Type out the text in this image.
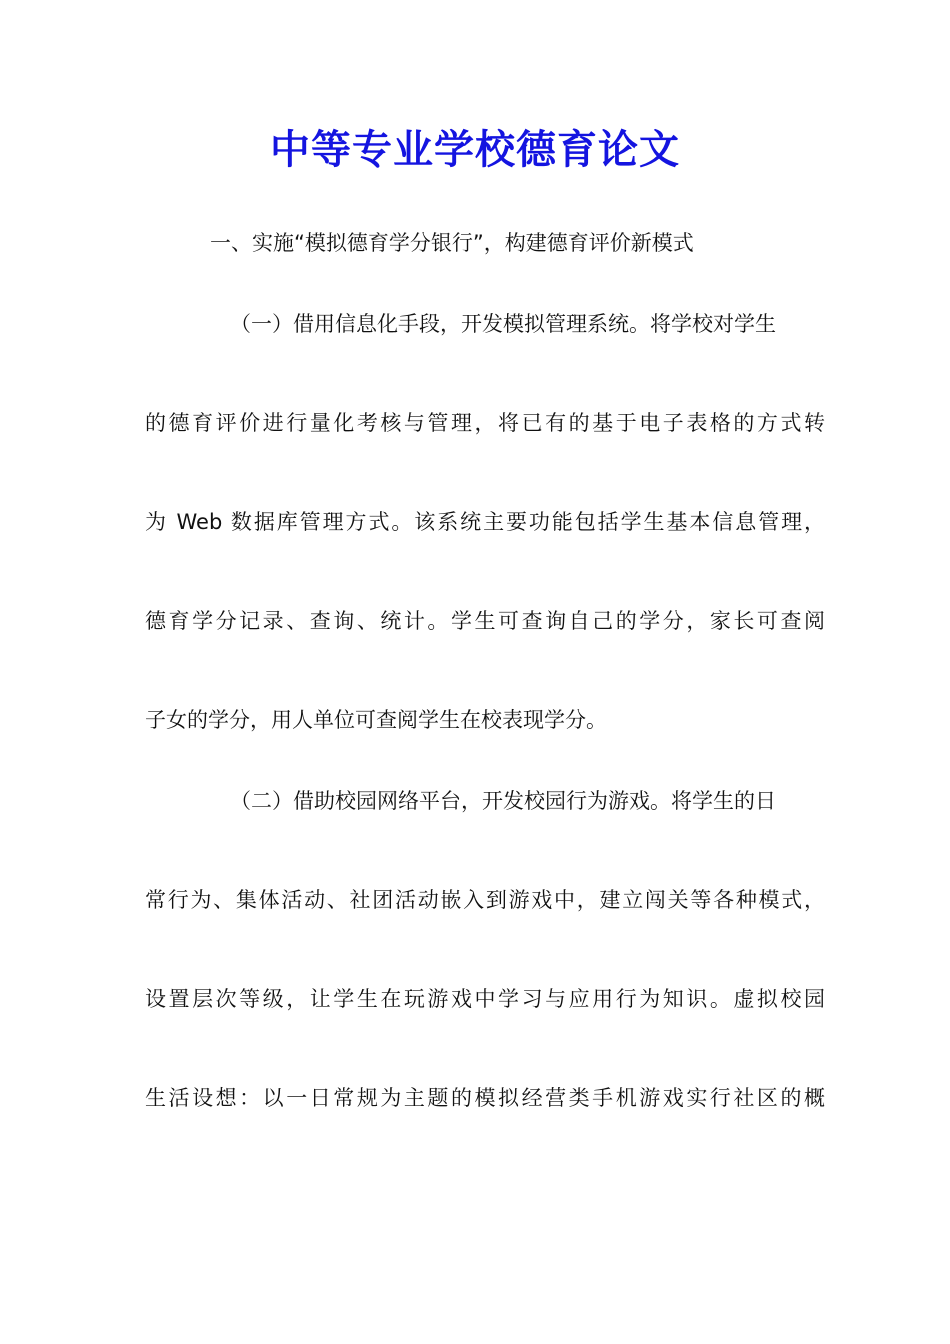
中等专业学校德育论文

一、实施“模拟德育学分银行”，构建德育评价新模式

（一）借用信息化手段，开发模拟管理系统。将学校对学生

的德育评价进行量化考核与管理，将已有的基于电子表格的方式转

为 Web 数据库管理方式。该系统主要功能包括学生基本信息管理，

德育学分记录、查询、统计。学生可查询自己的学分，家长可查阅

子女的学分，用人单位可查阅学生在校表现学分。

（二）借助校园网络平台，开发校园行为游戏。将学生的日

常行为、集体活动、社团活动嵌入到游戏中，建立闯关等各种模式，

设置层次等级，让学生在玩游戏中学习与应用行为知识。虚拟校园

生活设想：以一日常规为主题的模拟经营类手机游戏实行社区的概
